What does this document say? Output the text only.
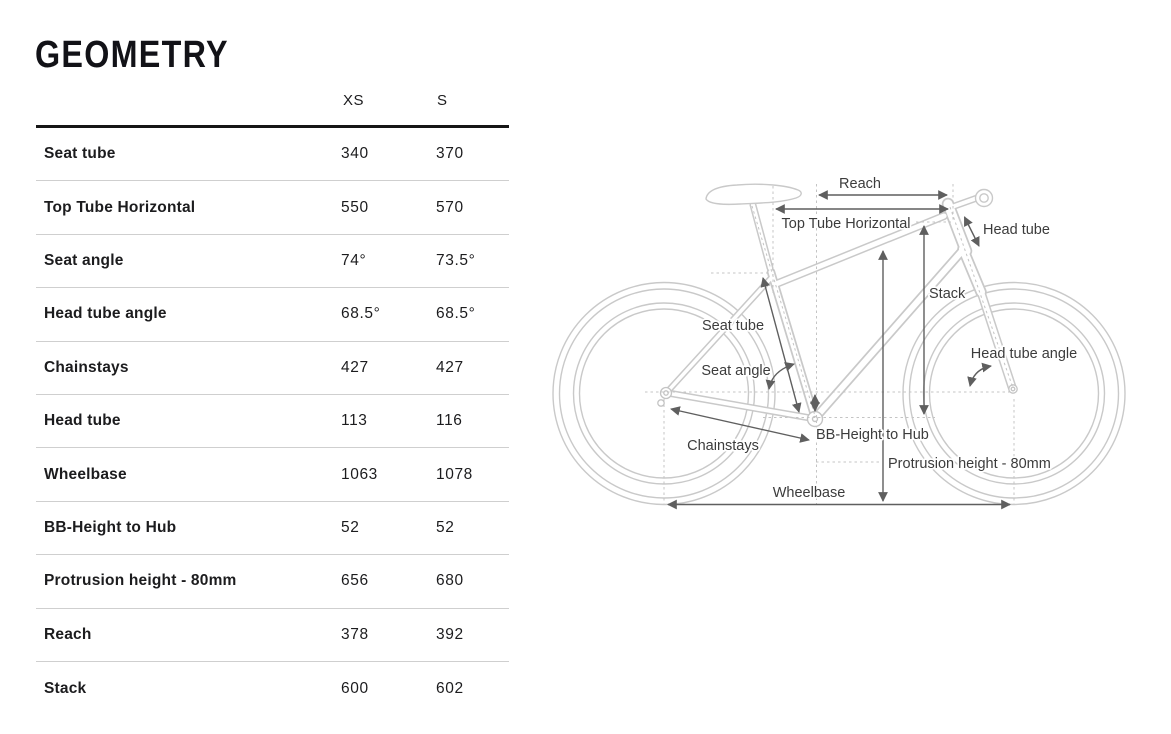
GEOMETRY
XS	S
Seat tube	340	370
Top Tube Horizontal	550	570
Seat angle	74°	73.5°
Head tube angle	68.5°	68.5°
Chainstays	427	427
Head tube	113	116
Wheelbase	1063	1078
BB-Height to Hub	52	52
Protrusion height - 80mm	656	680
Reach	378	392
Stack	600	602
Reach
Top Tube Horizontal	Head tube
Stack
Seat tube
Seat angle
Head tube angle
Chainstays
BB-Height to Hub
Protrusion height - 80mm
Wheelbase
